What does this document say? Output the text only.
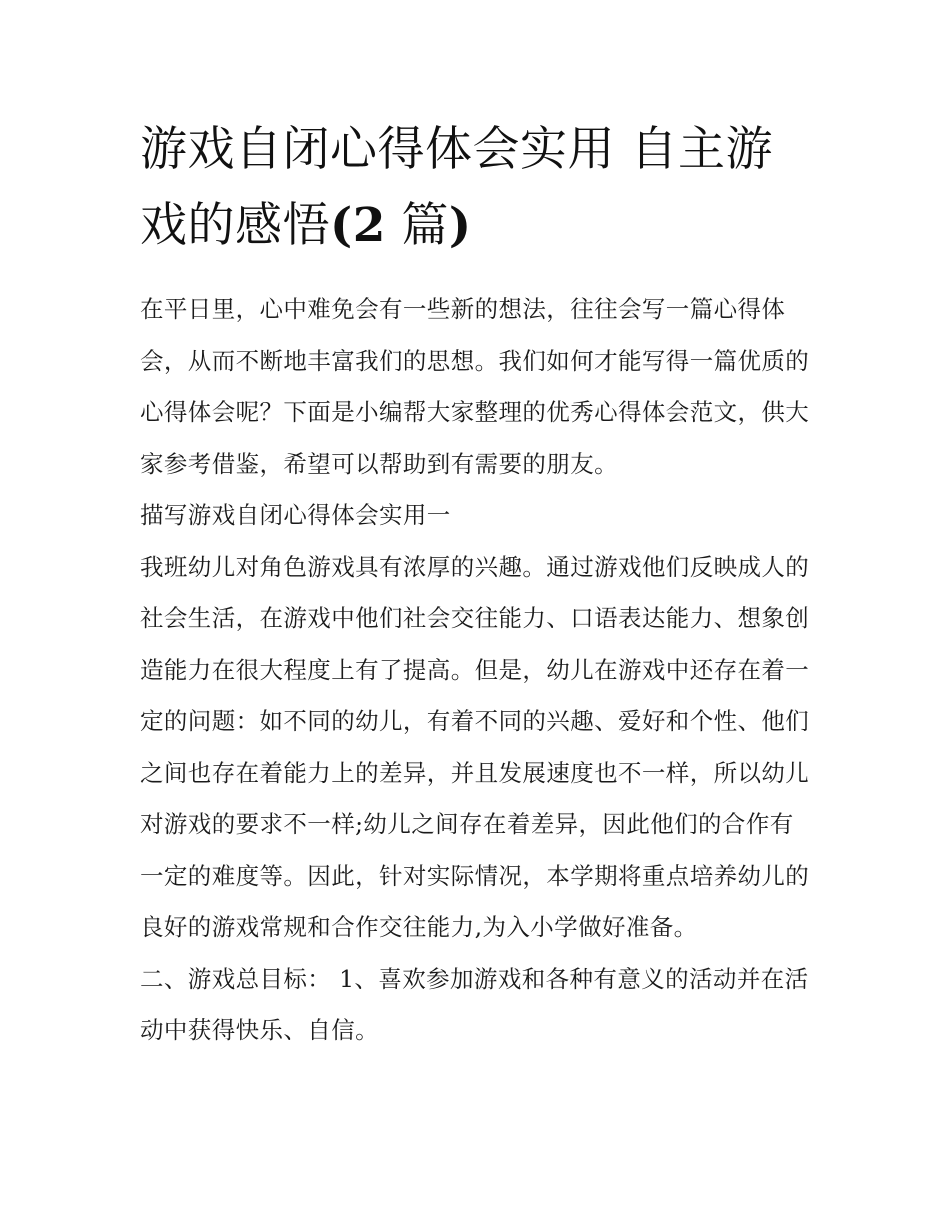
游戏自闭心得体会实用 自主游戏的感悟(2 篇)

在平日里，心中难免会有一些新的想法，往往会写一篇心得体会，从而不断地丰富我们的思想。我们如何才能写得一篇优质的心得体会呢？下面是小编帮大家整理的优秀心得体会范文，供大家参考借鉴，希望可以帮助到有需要的朋友。

描写游戏自闭心得体会实用一

我班幼儿对角色游戏具有浓厚的兴趣。通过游戏他们反映成人的社会生活，在游戏中他们社会交往能力、口语表达能力、想象创造能力在很大程度上有了提高。但是，幼儿在游戏中还存在着一定的问题：如不同的幼儿，有着不同的兴趣、爱好和个性、他们之间也存在着能力上的差异，并且发展速度也不一样，所以幼儿对游戏的要求不一样;幼儿之间存在着差异，因此他们的合作有一定的难度等。因此，针对实际情况，本学期将重点培养幼儿的良好的游戏常规和合作交往能力,为入小学做好准备。

二、游戏总目标： 1、喜欢参加游戏和各种有意义的活动并在活动中获得快乐、自信。
